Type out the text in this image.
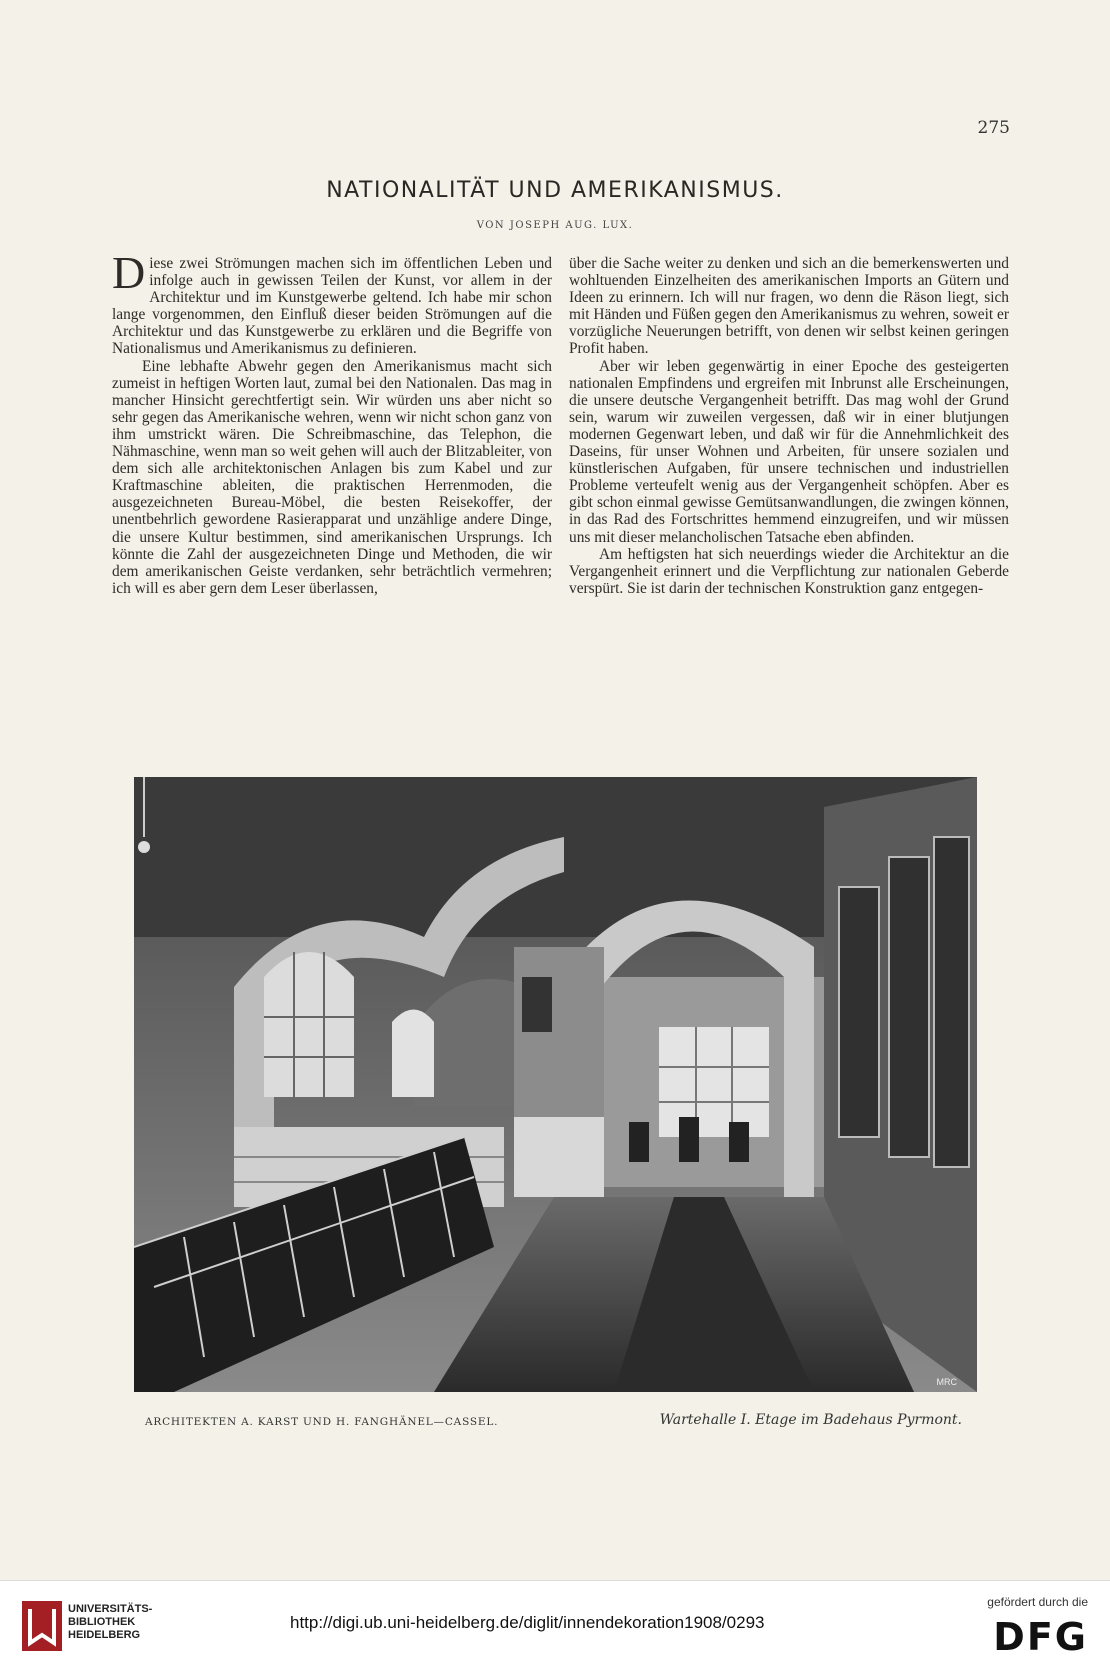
275
NATIONALITÄT UND AMERIKANISMUS.
VON JOSEPH AUG. LUX.

Diese zwei Strömungen machen sich im öffentlichen Leben und infolge auch in gewissen Teilen der Kunst, vor allem in der Architektur und im Kunstgewerbe geltend. Ich habe mir schon lange vorgenommen, den Einfluß dieser beiden Strömungen auf die Architektur und das Kunstgewerbe zu erklären und die Begriffe von Nationalismus und Amerikanismus zu definieren.

Eine lebhafte Abwehr gegen den Amerikanismus macht sich zumeist in heftigen Worten laut, zumal bei den Nationalen. Das mag in mancher Hinsicht gerechtfertigt sein. Wir würden uns aber nicht so sehr gegen das Amerikanische wehren, wenn wir nicht schon ganz von ihm umstrickt wären. Die Schreibmaschine, das Telephon, die Nähmaschine, wenn man so weit gehen will auch der Blitzableiter, von dem sich alle architektonischen Anlagen bis zum Kabel und zur Kraftmaschine ableiten, die praktischen Herrenmoden, die ausgezeichneten Bureau-Möbel, die besten Reisekoffer, der unentbehrlich gewordene Rasierapparat und unzählige andere Dinge, die unsere Kultur bestimmen, sind amerikanischen Ursprungs. Ich könnte die Zahl der ausgezeichneten Dinge und Methoden, die wir dem amerikanischen Geiste verdanken, sehr beträchtlich vermehren; ich will es aber gern dem Leser überlassen,

über die Sache weiter zu denken und sich an die bemerkenswerten und wohltuenden Einzelheiten des amerikanischen Imports an Gütern und Ideen zu erinnern. Ich will nur fragen, wo denn die Räson liegt, sich mit Händen und Füßen gegen den Amerikanismus zu wehren, soweit er vorzügliche Neuerungen betrifft, von denen wir selbst keinen geringen Profit haben.

Aber wir leben gegenwärtig in einer Epoche des gesteigerten nationalen Empfindens und ergreifen mit Inbrunst alle Erscheinungen, die unsere deutsche Vergangenheit betrifft. Das mag wohl der Grund sein, warum wir zuweilen vergessen, daß wir in einer blutjungen modernen Gegenwart leben, und daß wir für die Annehmlichkeit des Daseins, für unser Wohnen und Arbeiten, für unsere sozialen und künstlerischen Aufgaben, für unsere technischen und industriellen Probleme verteufelt wenig aus der Vergangenheit schöpfen. Aber es gibt schon einmal gewisse Gemütsanwandlungen, die zwingen können, in das Rad des Fortschrittes hemmend einzugreifen, und wir müssen uns mit dieser melancholischen Tatsache eben abfinden.

Am heftigsten hat sich neuerdings wieder die Architektur an die Vergangenheit erinnert und die Verpflichtung zur nationalen Geberde verspürt. Sie ist darin der technischen Konstruktion ganz entgegen-

MRC
ARCHITEKTEN A. KARST UND H. FANGHÄNEL—CASSEL.	Wartehalle I. Etage im Badehaus Pyrmont.
UNIVERSITÄTS-
BIBLIOTHEK
HEIDELBERG
http://digi.ub.uni-heidelberg.de/diglit/innendekoration1908/0293
gefördert durch die
DFG
